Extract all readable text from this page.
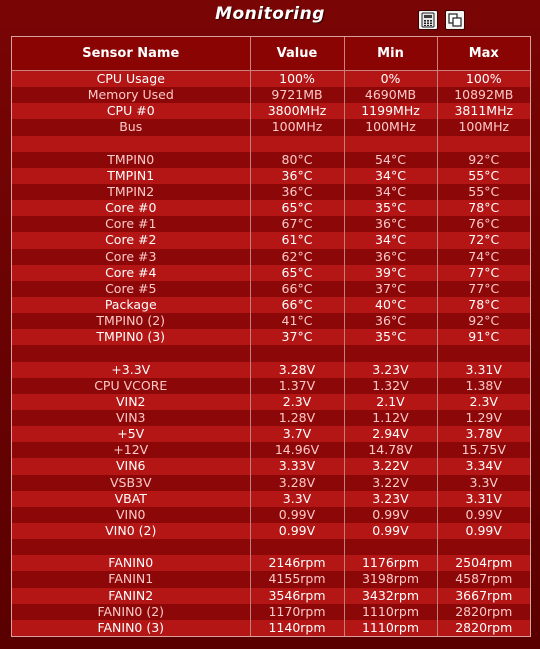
Monitoring
Sensor Name	Value	Min	Max
CPU Usage	100%	0%	100%
Memory Used	9721MB	4690MB	10892MB
CPU #0	3800MHz	1199MHz	3811MHz
Bus	100MHz	100MHz	100MHz

TMPIN0	80°C	54°C	92°C
TMPIN1	36°C	34°C	55°C
TMPIN2	36°C	34°C	55°C
Core #0	65°C	35°C	78°C
Core #1	67°C	36°C	76°C
Core #2	61°C	34°C	72°C
Core #3	62°C	36°C	74°C
Core #4	65°C	39°C	77°C
Core #5	66°C	37°C	77°C
Package	66°C	40°C	78°C
TMPIN0 (2)	41°C	36°C	92°C
TMPIN0 (3)	37°C	35°C	91°C

+3.3V	3.28V	3.23V	3.31V
CPU VCORE	1.37V	1.32V	1.38V
VIN2	2.3V	2.1V	2.3V
VIN3	1.28V	1.12V	1.29V
+5V	3.7V	2.94V	3.78V
+12V	14.96V	14.78V	15.75V
VIN6	3.33V	3.22V	3.34V
VSB3V	3.28V	3.22V	3.3V
VBAT	3.3V	3.23V	3.31V
VIN0	0.99V	0.99V	0.99V
VIN0 (2)	0.99V	0.99V	0.99V

FANIN0	2146rpm	1176rpm	2504rpm
FANIN1	4155rpm	3198rpm	4587rpm
FANIN2	3546rpm	3432rpm	3667rpm
FANIN0 (2)	1170rpm	1110rpm	2820rpm
FANIN0 (3)	1140rpm	1110rpm	2820rpm
